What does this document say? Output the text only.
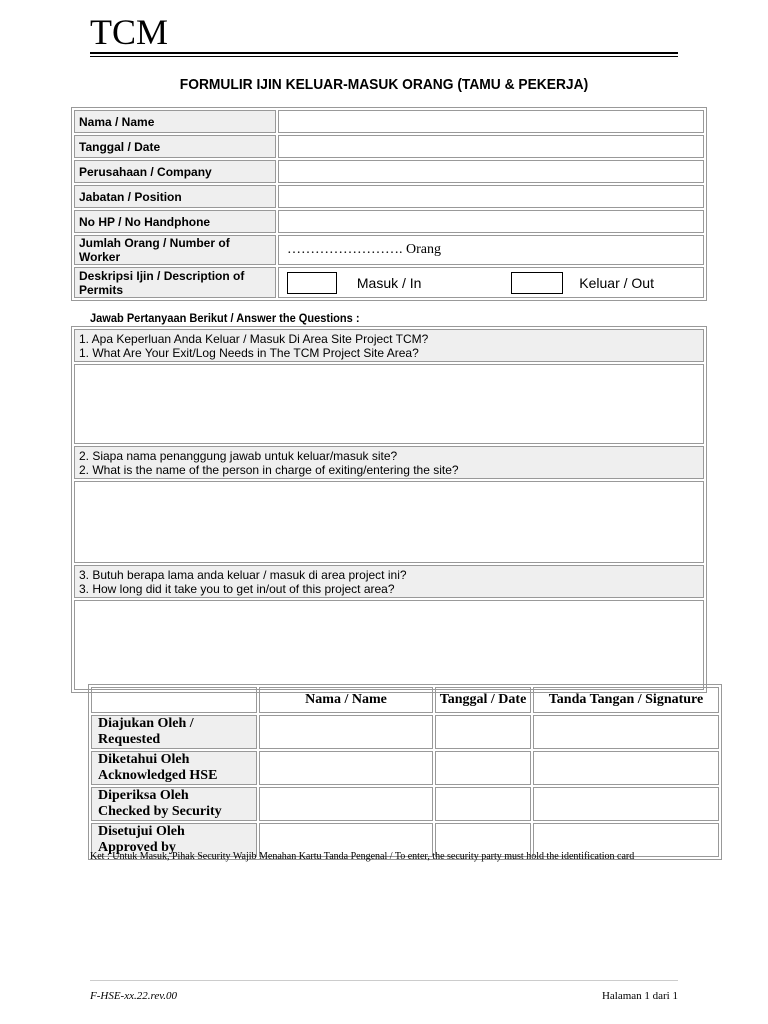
TCM
FORMULIR IJIN KELUAR-MASUK ORANG (TAMU & PEKERJA)
Nama / Name	
Tanggal / Date	
Perusahaan / Company	
Jabatan / Position	
No HP / No Handphone	
Jumlah Orang / Number of Worker	……………………. Orang
Deskripsi Ijin / Description of Permits	Masuk / In Keluar / Out
Jawab Pertanyaan Berikut / Answer the Questions :
1. Apa Keperluan Anda Keluar / Masuk Di Area Site Project TCM?
1. What Are Your Exit/Log Needs in The TCM Project Site Area?

2. Siapa nama penanggung jawab untuk keluar/masuk site?
2. What is the name of the person in charge of exiting/entering the site?

3. Butuh berapa lama anda keluar / masuk di area project ini?
3. How long did it take you to get in/out of this project area?

	Nama / Name	Tanggal / Date	Tanda Tangan / Signature

Diajukan Oleh /
Requested			

Diketahui Oleh
Acknowledged HSE			

Diperiksa Oleh
Checked by Security			

Disetujui Oleh
Approved by			

Ket : Untuk Masuk, Pihak Security Wajib Menahan Kartu Tanda Pengenal / To enter, the security party must hold the identification card
F-HSE-xx.22.rev.00	Halaman 1 dari 1
